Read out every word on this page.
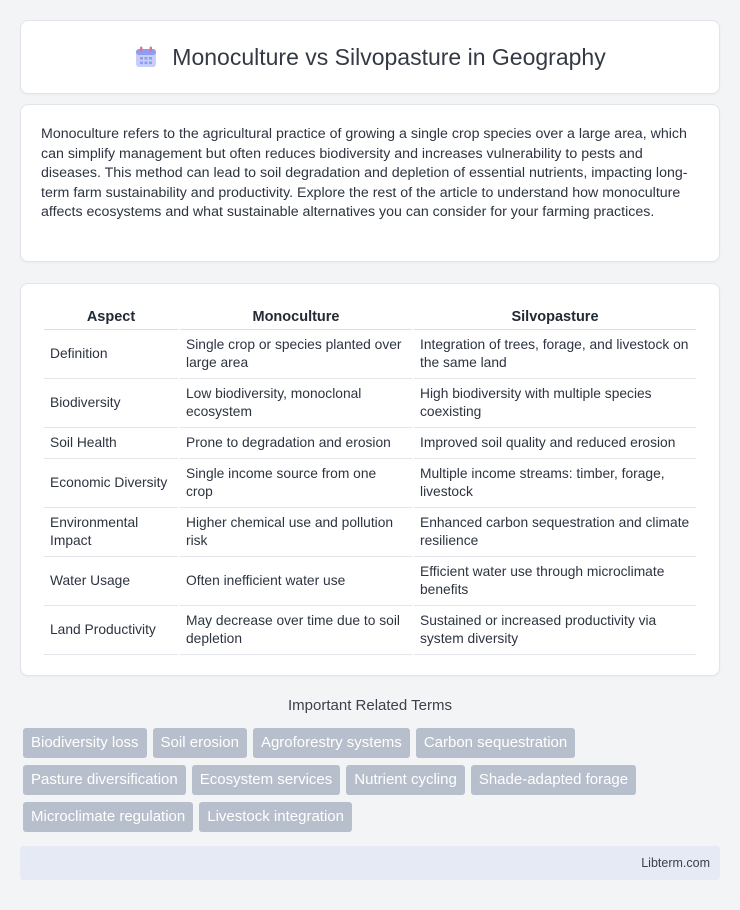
Monoculture vs Silvopasture in Geography

Monoculture refers to the agricultural practice of growing a single crop species over a large area, which can simplify management but often reduces biodiversity and increases vulnerability to pests and diseases. This method can lead to soil degradation and depletion of essential nutrients, impacting long-term farm sustainability and productivity. Explore the rest of the article to understand how monoculture affects ecosystems and what sustainable alternatives you can consider for your farming practices.

Aspect	Monoculture	Silvopasture
Definition	Single crop or species planted over large area	Integration of trees, forage, and livestock on the same land
Biodiversity	Low biodiversity, monoclonal ecosystem	High biodiversity with multiple species coexisting
Soil Health	Prone to degradation and erosion	Improved soil quality and reduced erosion
Economic Diversity	Single income source from one crop	Multiple income streams: timber, forage, livestock
Environmental Impact	Higher chemical use and pollution risk	Enhanced carbon sequestration and climate resilience
Water Usage	Often inefficient water use	Efficient water use through microclimate benefits
Land Productivity	May decrease over time due to soil depletion	Sustained or increased productivity via system diversity
Important Related Terms
Biodiversity loss	Soil erosion	Agroforestry systems	Carbon sequestration
Pasture diversification	Ecosystem services	Nutrient cycling	Shade-adapted forage
Microclimate regulation	Livestock integration
Libterm.com
